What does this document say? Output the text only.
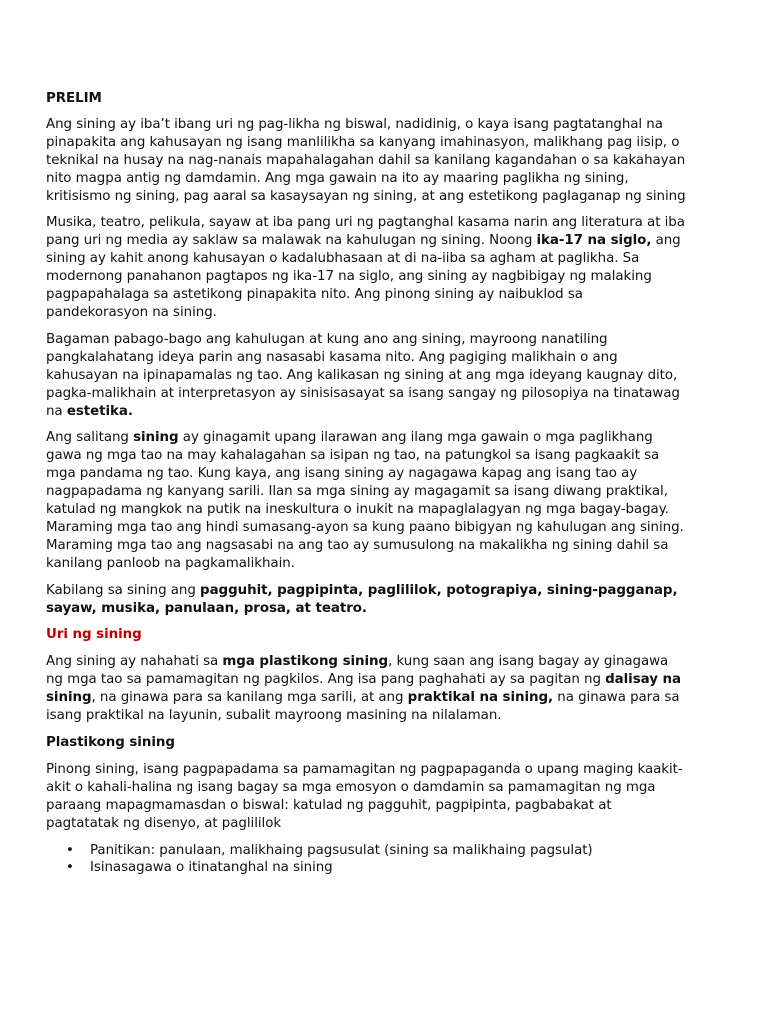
PRELIM

Ang sining ay iba’t ibang uri ng pag-likha ng biswal, nadidinig, o kaya isang pagtatanghal na pinapakita ang kahusayan ng isang manlilikha sa kanyang imahinasyon, malikhang pag iisip, o teknikal na husay na nag-nanais mapahalagahan dahil sa kanilang kagandahan o sa kakahayan nito magpa antig ng damdamin. Ang mga gawain na ito ay maaring paglikha ng sining, kritisismo ng sining, pag aaral sa kasaysayan ng sining, at ang estetikong paglaganap ng sining

Musika, teatro, pelikula, sayaw at iba pang uri ng pagtanghal kasama narin ang literatura at iba pang uri ng media ay saklaw sa malawak na kahulugan ng sining. Noong ika-17 na siglo, ang sining ay kahit anong kahusayan o kadalubhasaan at di na-iiba sa agham at paglikha. Sa modernong panahanon pagtapos ng ika-17 na siglo, ang sining ay nagbibigay ng malaking pagpapahalaga sa astetikong pinapakita nito. Ang pinong sining ay naibuklod sa pandekorasyon na sining.

Bagaman pabago-bago ang kahulugan at kung ano ang sining, mayroong nanatiling pangkalahatang ideya parin ang nasasabi kasama nito. Ang pagiging malikhain o ang kahusayan na ipinapamalas ng tao. Ang kalikasan ng sining at ang mga ideyang kaugnay dito, pagka-malikhain at interpretasyon ay sinisisasayat sa isang sangay ng pilosopiya na tinatawag na estetika.

Ang salitang sining ay ginagamit upang ilarawan ang ilang mga gawain o mga paglikhang gawa ng mga tao na may kahalagahan sa isipan ng tao, na patungkol sa isang pagkaakit sa mga pandama ng tao. Kung kaya, ang isang sining ay nagagawa kapag ang isang tao ay nagpapadama ng kanyang sarili. Ilan sa mga sining ay magagamit sa isang diwang praktikal, katulad ng mangkok na putik na ineskultura o inukit na mapaglalagyan ng mga bagay-bagay. Maraming mga tao ang hindi sumasang-ayon sa kung paano bibigyan ng kahulugan ang sining. Maraming mga tao ang nagsasabi na ang tao ay sumusulong na makalikha ng sining dahil sa kanilang panloob na pagkamalikhain.

Kabilang sa sining ang pagguhit, pagpipinta, paglililok, potograpiya, sining-pagganap, sayaw, musika, panulaan, prosa, at teatro.

Uri ng sining

Ang sining ay nahahati sa mga plastikong sining, kung saan ang isang bagay ay ginagawa ng mga tao sa pamamagitan ng pagkilos. Ang isa pang paghahati ay sa pagitan ng dalisay na sining, na ginawa para sa kanilang mga sarili, at ang praktikal na sining, na ginawa para sa isang praktikal na layunin, subalit mayroong masining na nilalaman.

Plastikong sining

Pinong sining, isang pagpapadama sa pamamagitan ng pagpapaganda o upang maging kaakit-akit o kahali-halina ng isang bagay sa mga emosyon o damdamin sa pamamagitan ng mga paraang mapagmamasdan o biswal: katulad ng pagguhit, pagpipinta, pagbabakat at pagtatatak ng disenyo, at paglililok

• Panitikan: panulaan, malikhaing pagsusulat (sining sa malikhaing pagsulat)
• Isinasagawa o itinatanghal na sining
